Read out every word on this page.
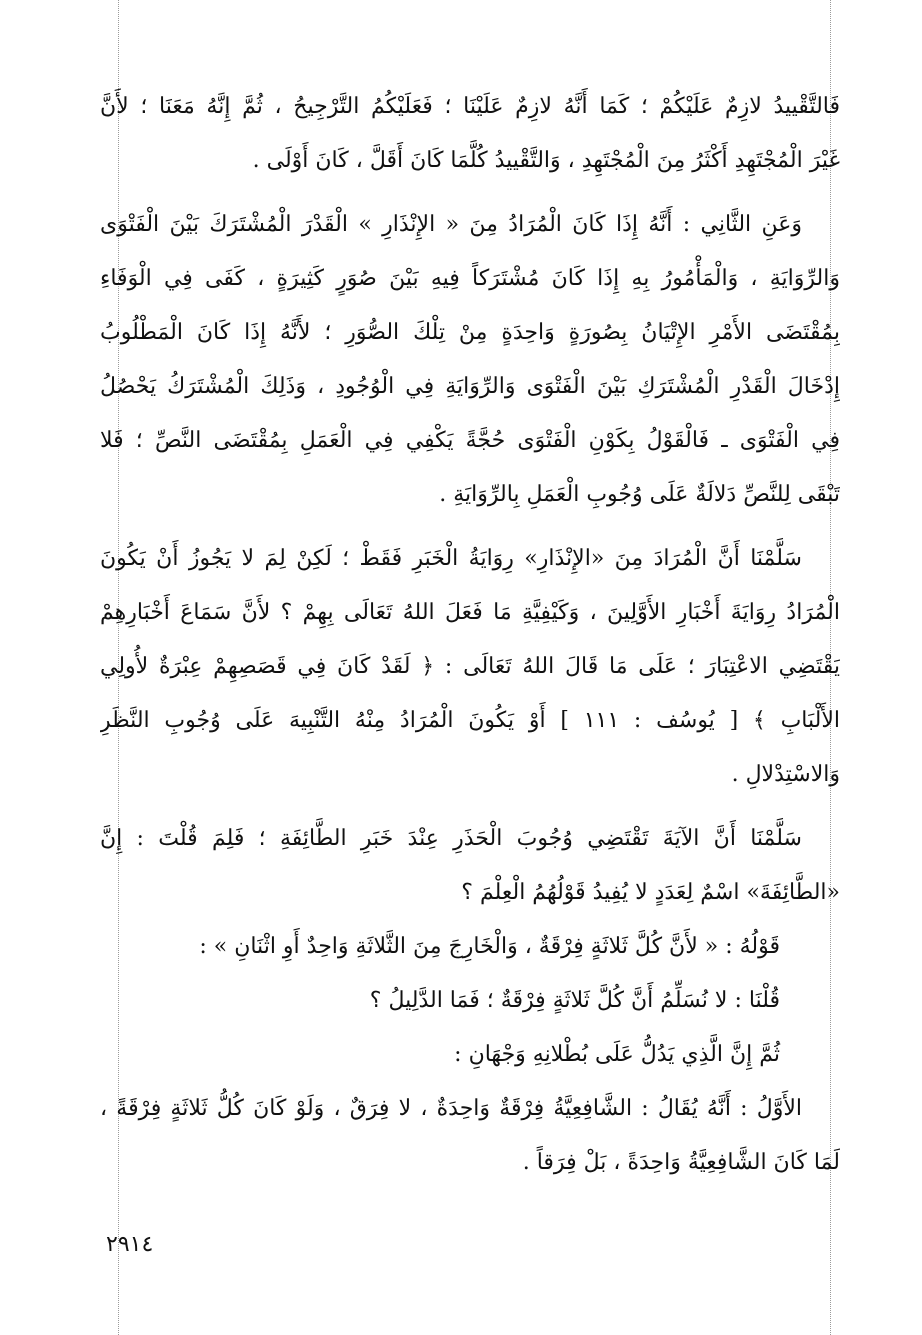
فَالتَّقْييدُ لازِمٌ عَلَيْكُمْ ؛ كَمَا أَنَّهُ لازِمٌ عَلَيْنَا ؛ فَعَلَيْكُمُ التَّرْجِيحُ ، ثُمَّ إِنَّهُ مَعَنَا ؛ لأَنَّ
غَيْرَ الْمُجْتَهِدِ أَكْثَرُ مِنَ الْمُجْتَهِدِ ، وَالتَّقْييدُ كُلَّمَا كَانَ أَقَلَّ ، كَانَ أَوْلَى .
وَعَنِ الثَّانِي : أَنَّهُ إِذَا كَانَ الْمُرَادُ مِنَ « الإِنْذَارِ » الْقَدْرَ الْمُشْتَرَكَ بَيْنَ الْفَتْوَى
وَالرِّوَايَةِ ، وَالْمَأْمُورُ بِهِ إِذَا كَانَ مُشْتَرَكاً فِيهِ بَيْنَ صُوَرٍ كَثِيرَةٍ ، كَفَى فِي الْوَفَاءِ
بِمُقْتَضَى الأَمْرِ الإِتْيَانُ بِصُورَةٍ وَاحِدَةٍ مِنْ تِلْكَ الصُّوَرِ ؛ لأَنَّهُ إِذَا كَانَ الْمَطْلُوبُ
إِدْخَالَ الْقَدْرِ الْمُشْتَرَكِ بَيْنَ الْفَتْوَى وَالرِّوَايَةِ فِي الْوُجُودِ ، وَذَلِكَ الْمُشْتَرَكُ يَحْصُلُ
فِي الْفَتْوَى ـ فَالْقَوْلُ بِكَوْنِ الْفَتْوَى حُجَّةً يَكْفِي فِي الْعَمَلِ بِمُقْتَضَى النَّصِّ ؛ فَلا
تَبْقَى لِلنَّصِّ دَلالَةٌ عَلَى وُجُوبِ الْعَمَلِ بِالرِّوَايَةِ .
سَلَّمْنَا أَنَّ الْمُرَادَ مِنَ «الإِنْذَارِ» رِوَايَةُ الْخَبَرِ فَقَطْ ؛ لَكِنْ لِمَ لا يَجُوزُ أَنْ يَكُونَ
الْمُرَادُ رِوَايَةَ أَخْبَارِ الأَوَّلِينَ ، وَكَيْفِيَّةِ مَا فَعَلَ اللهُ تَعَالَى بِهِمْ ؟ لأَنَّ سَمَاعَ أَخْبَارِهِمْ
يَقْتَضِي الاعْتِبَارَ ؛ عَلَى مَا قَالَ اللهُ تَعَالَى : ﴿ لَقَدْ كَانَ فِي قَصَصِهِمْ عِبْرَةٌ لأُولِي
الأَلْبَابِ ﴾ [ يُوسُف : ١١١ ] أَوْ يَكُونَ الْمُرَادُ مِنْهُ التَّنْبِيهَ عَلَى وُجُوبِ النَّظَرِ
وَالاسْتِدْلالِ .
سَلَّمْنَا أَنَّ الآيَةَ تَقْتَضِي وُجُوبَ الْحَذَرِ عِنْدَ خَبَرِ الطَّائِفَةِ ؛ فَلِمَ قُلْتَ : إِنَّ
«الطَّائِفَةَ» اسْمٌ لِعَدَدٍ لا يُفِيدُ قَوْلُهُمُ الْعِلْمَ ؟
قَوْلُهُ : « لأَنَّ كُلَّ ثَلاثَةٍ فِرْقَةٌ ، وَالْخَارِجَ مِنَ الثَّلاثَةِ وَاحِدٌ أَوِ اثْنَانِ » :
قُلْنَا : لا نُسَلِّمُ أَنَّ كُلَّ ثَلاثَةٍ فِرْقَةٌ ؛ فَمَا الدَّلِيلُ ؟
ثُمَّ إِنَّ الَّذِي يَدُلُّ عَلَى بُطْلانِهِ وَجْهَانِ :
الأَوَّلُ : أَنَّهُ يُقَالُ : الشَّافِعِيَّةُ فِرْقَةٌ وَاحِدَةٌ ، لا فِرَقٌ ، وَلَوْ كَانَ كُلُّ ثَلاثَةٍ فِرْقَةً ،
لَمَا كَانَ الشَّافِعِيَّةُ وَاحِدَةً ، بَلْ فِرَقاً .
٢٩١٤
